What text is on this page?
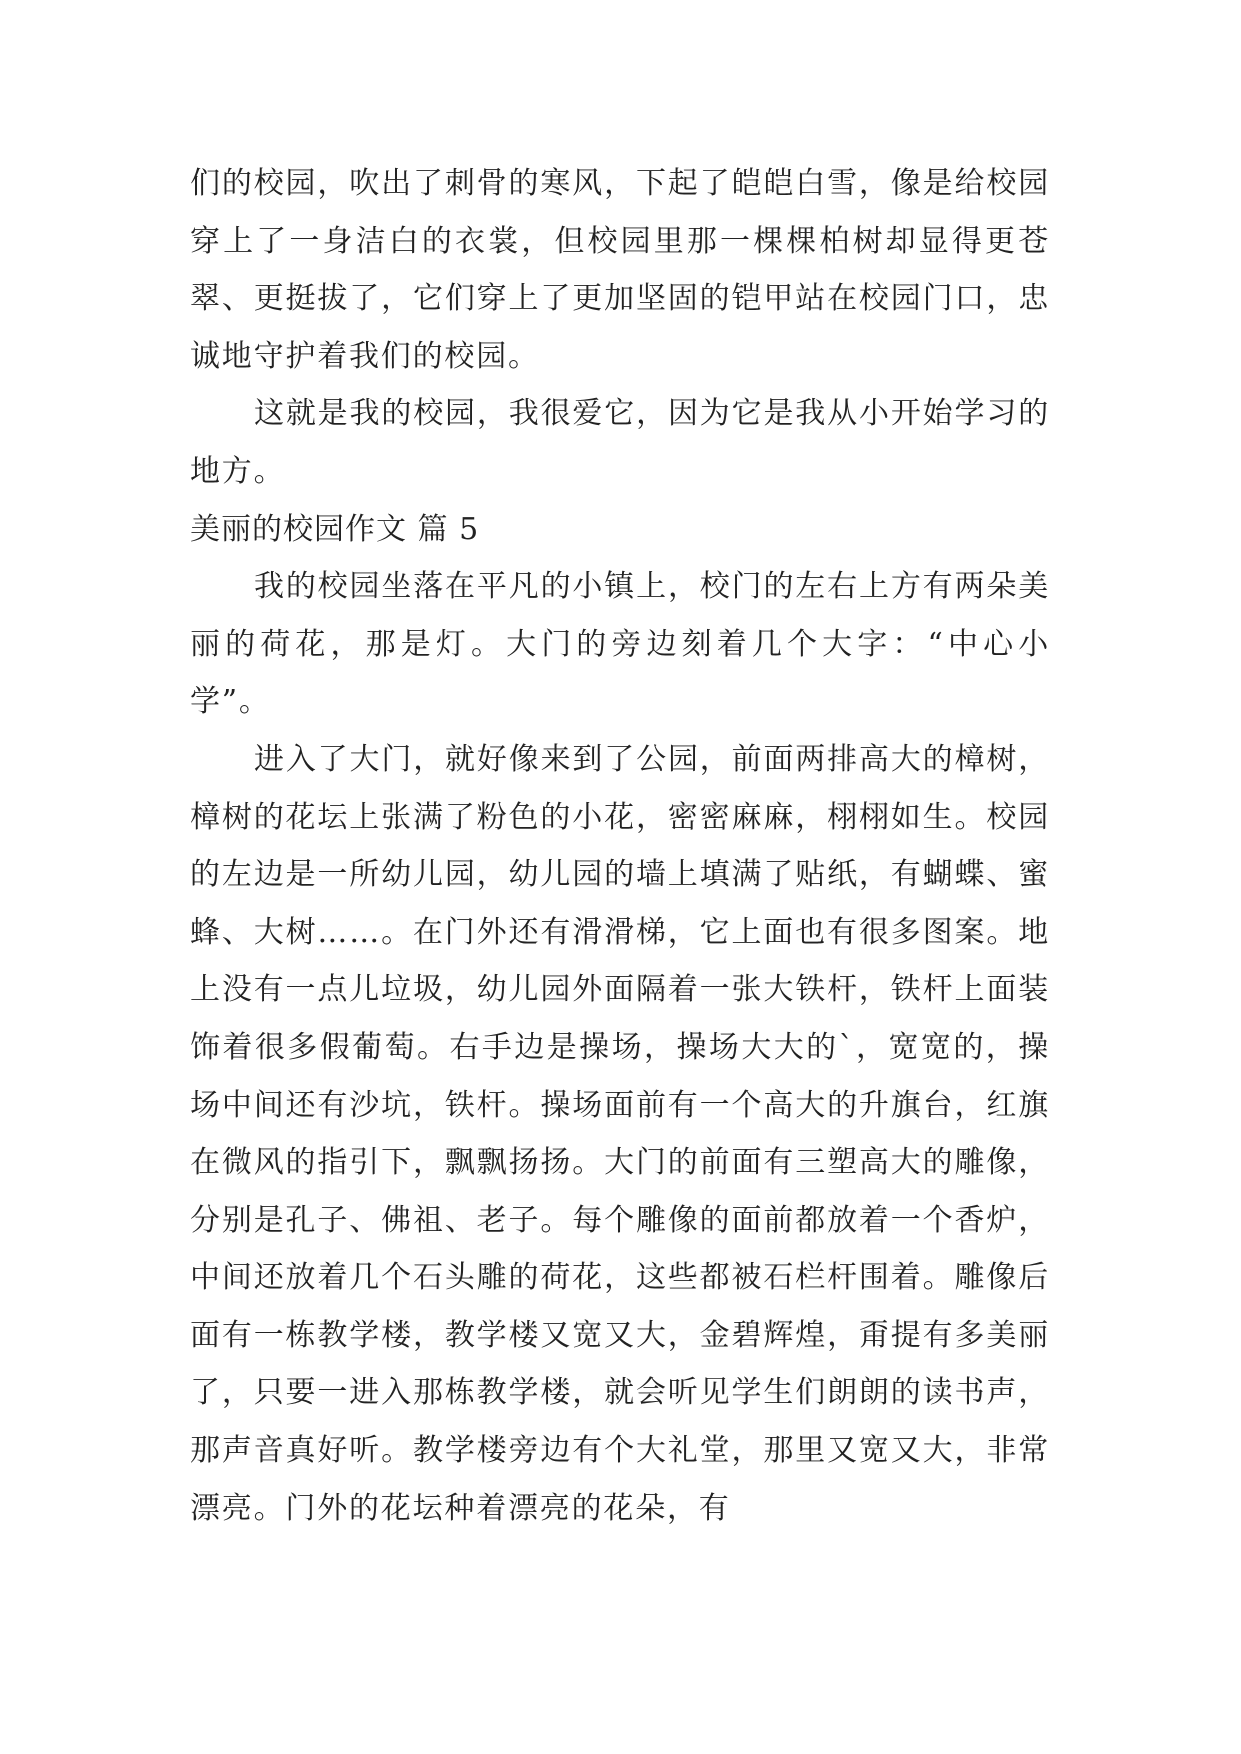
们的校园，吹出了刺骨的寒风，下起了皑皑白雪，像是给校园穿上了一身洁白的衣裳，但校园里那一棵棵柏树却显得更苍翠、更挺拔了，它们穿上了更加坚固的铠甲站在校园门口，忠诚地守护着我们的校园。

这就是我的校园，我很爱它，因为它是我从小开始学习的地方。

美丽的校园作文 篇 5

我的校园坐落在平凡的小镇上，校门的左右上方有两朵美丽的荷花，那是灯。大门的旁边刻着几个大字：“中心小学”。

进入了大门，就好像来到了公园，前面两排高大的樟树，樟树的花坛上张满了粉色的小花，密密麻麻，栩栩如生。校园的左边是一所幼儿园，幼儿园的墙上填满了贴纸，有蝴蝶、蜜蜂、大树……。在门外还有滑滑梯，它上面也有很多图案。地上没有一点儿垃圾，幼儿园外面隔着一张大铁杆，铁杆上面装饰着很多假葡萄。右手边是操场，操场大大的`，宽宽的，操场中间还有沙坑，铁杆。操场面前有一个高大的升旗台，红旗在微风的指引下，飘飘扬扬。大门的前面有三塑高大的雕像，分别是孔子、佛祖、老子。每个雕像的面前都放着一个香炉，中间还放着几个石头雕的荷花，这些都被石栏杆围着。雕像后面有一栋教学楼，教学楼又宽又大，金碧辉煌，甭提有多美丽了，只要一进入那栋教学楼，就会听见学生们朗朗的读书声，那声音真好听。教学楼旁边有个大礼堂，那里又宽又大，非常漂亮。门外的花坛种着漂亮的花朵，有
